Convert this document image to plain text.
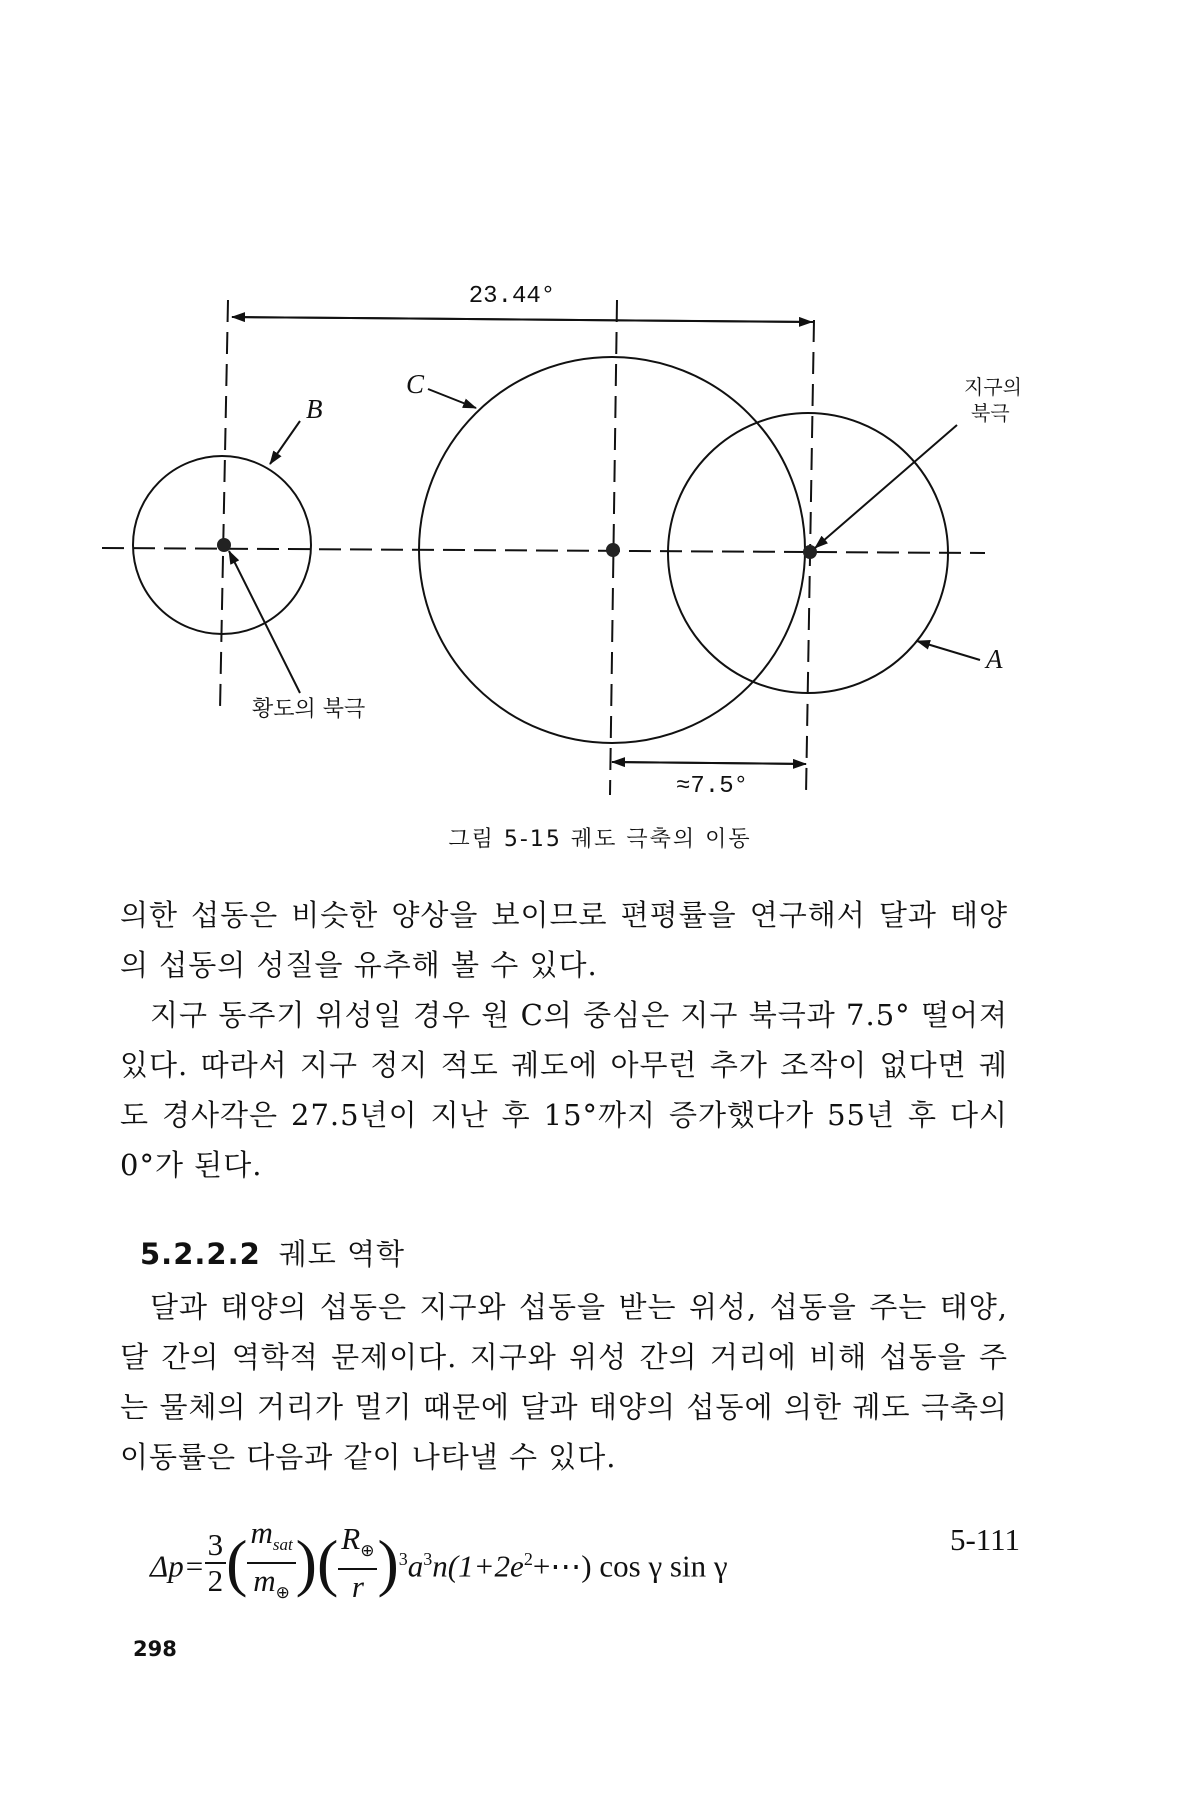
23.44°
B
C
A
지구의
북극
황도의 북극
≈7.5°
그림 5-15 궤도 극축의 이동

의한 섭동은 비슷한 양상을 보이므로 편평률을 연구해서 달과 태양의 섭동의 성질을 유추해 볼 수 있다.

지구 동주기 위성일 경우 원 C의 중심은 지구 북극과 7.5° 떨어져 있다. 따라서 지구 정지 적도 궤도에 아무런 추가 조작이 없다면 궤도 경사각은 27.5년이 지난 후 15°까지 증가했다가 55년 후 다시 0°가 된다.

5.2.2.2 궤도 역학

달과 태양의 섭동은 지구와 섭동을 받는 위성, 섭동을 주는 태양, 달 간의 역학적 문제이다. 지구와 위성 간의 거리에 비해 섭동을 주는 물체의 거리가 멀기 때문에 달과 태양의 섭동에 의한 궤도 극축의 이동률은 다음과 같이 나타낼 수 있다.

$\Delta p= \frac{3}{2}$ ( $\frac{m_{sat}}{m_\oplus}$ )( $\frac{R_\oplus}{r}$ )$^3a^3n(1+2e^2+\cdots)$ cos γ sin γ
5-111
298
